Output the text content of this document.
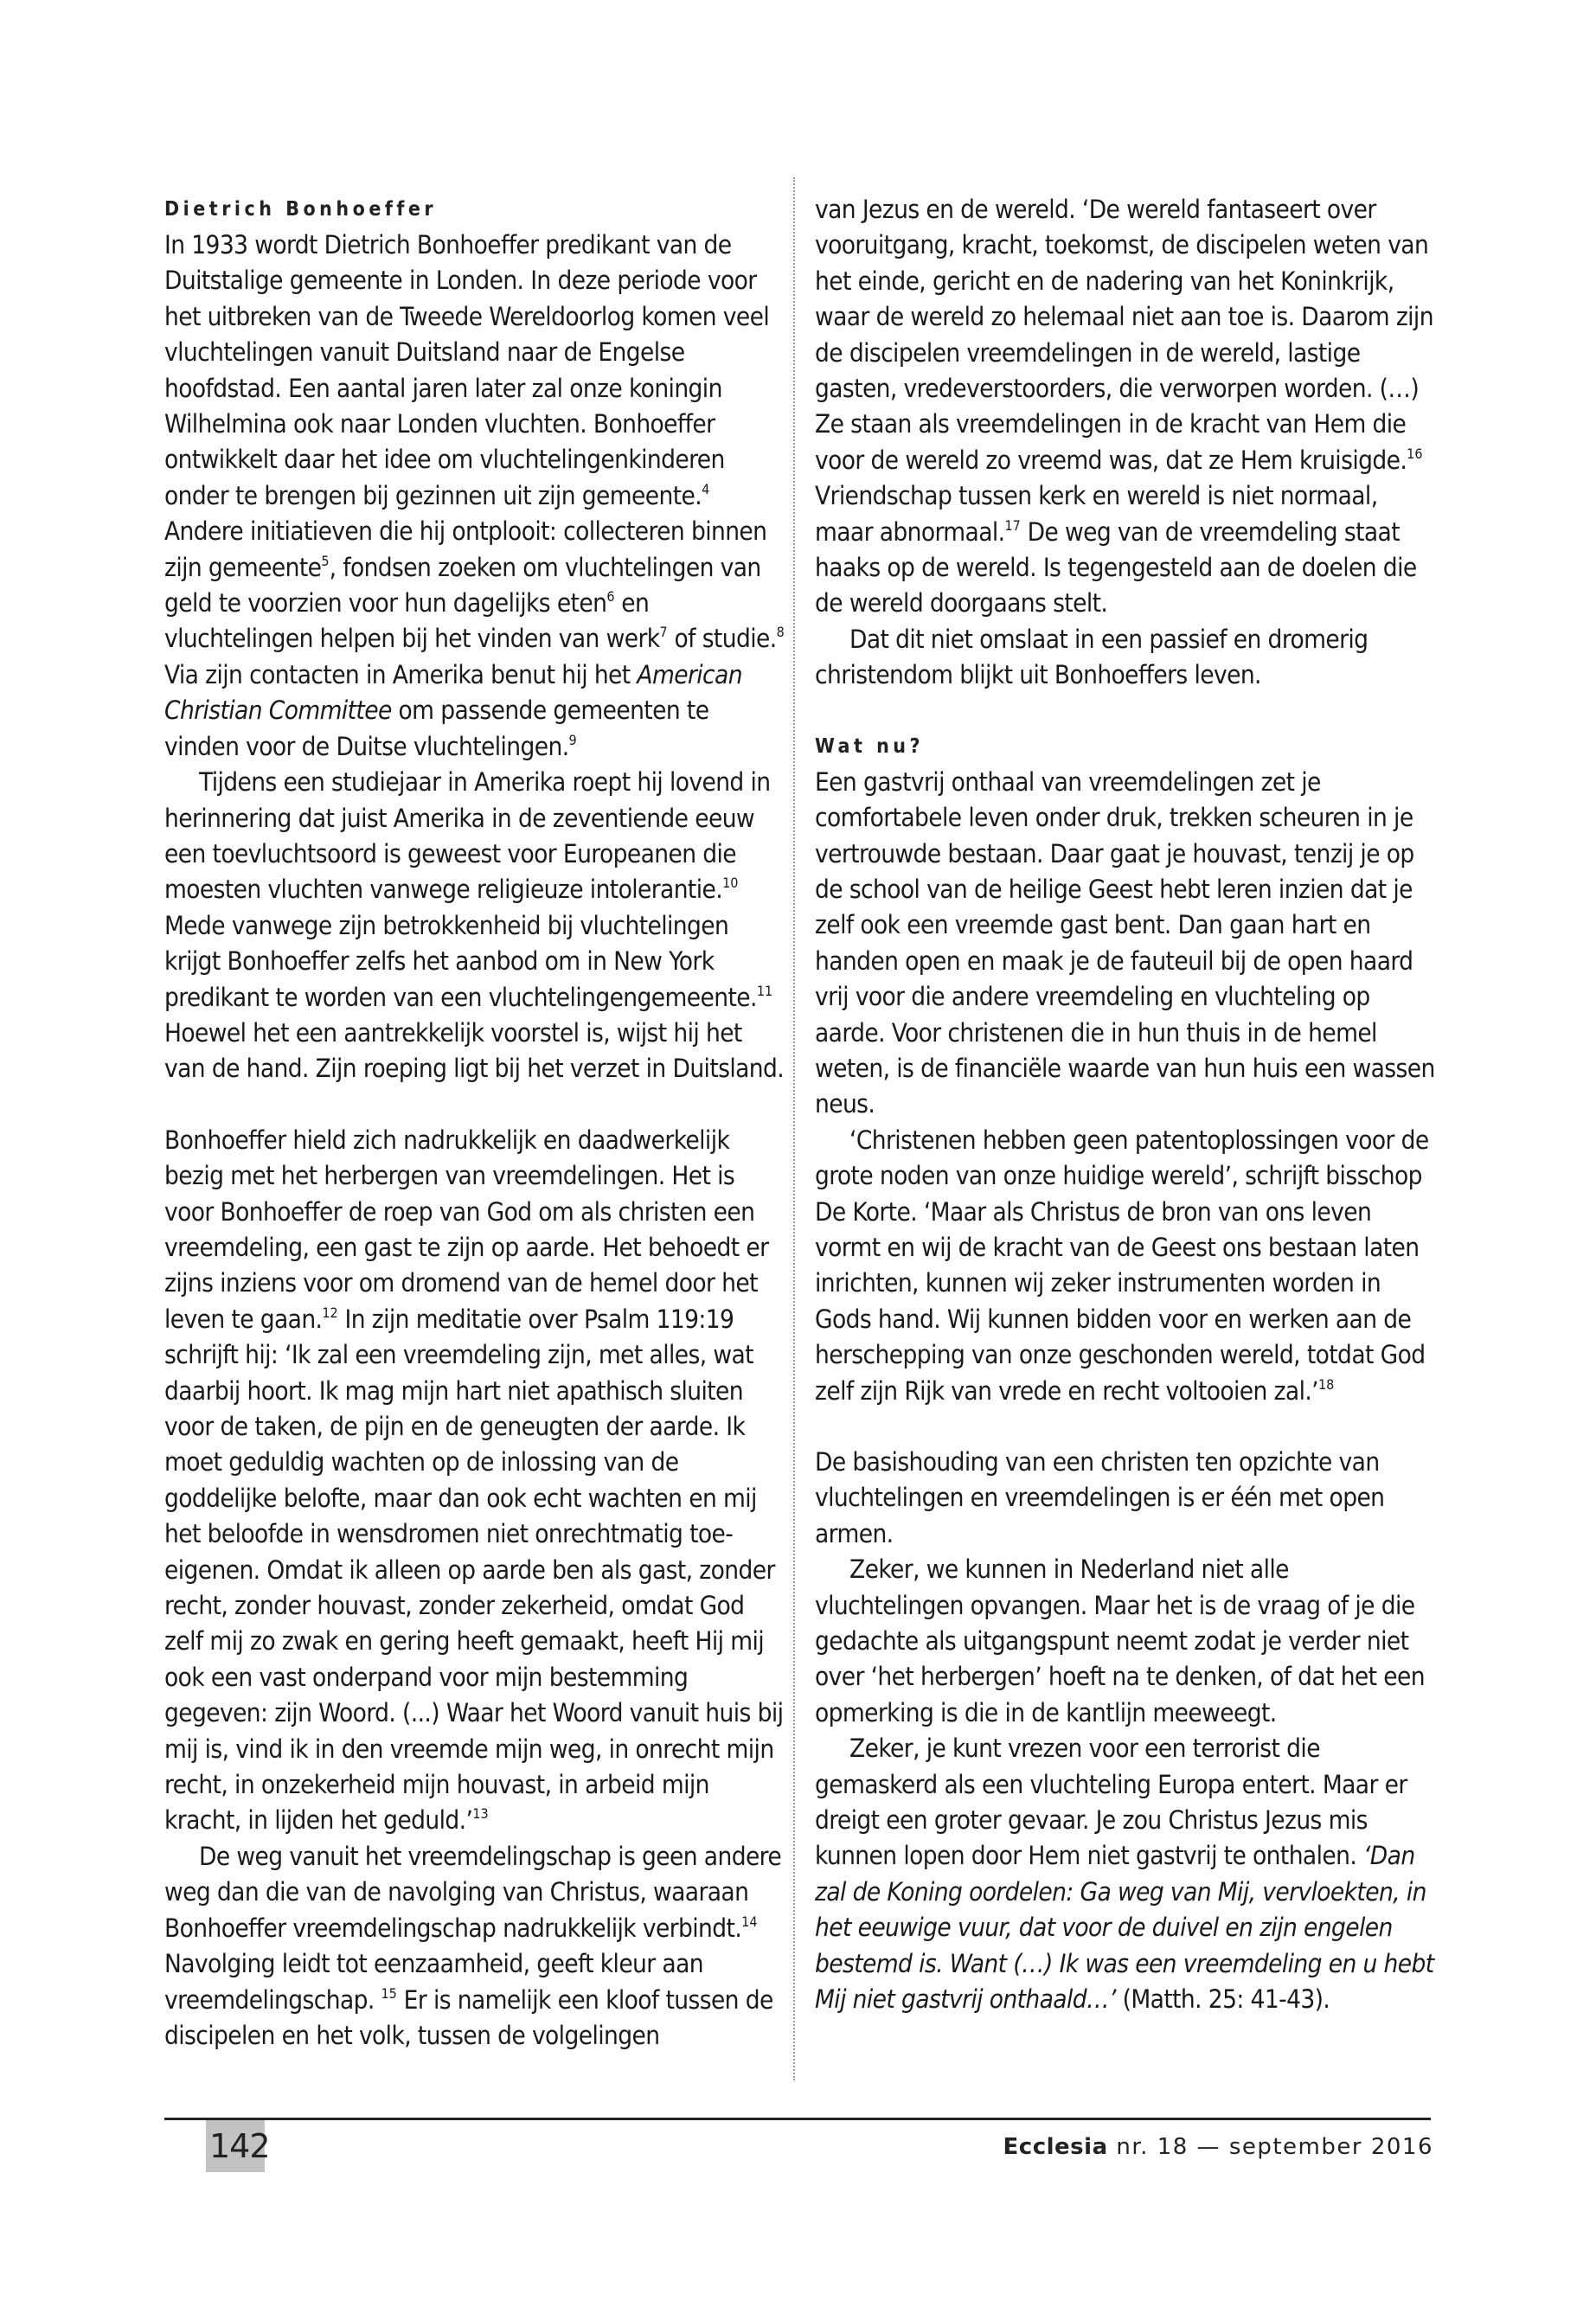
Dietrich Bonhoeffer

In 1933 wordt Dietrich Bonhoeffer predikant van de Duitstalige gemeente in Londen. In deze periode voor het uitbreken van de Tweede Wereldoorlog komen veel vluchtelingen vanuit Duitsland naar de Engelse hoofdstad. Een aantal jaren later zal onze koningin Wilhelmina ook naar Londen vluchten. Bonhoeffer ontwikkelt daar het idee om vluchtelingenkinderen onder te brengen bij gezinnen uit zijn gemeente.$^4$ Andere initiatieven die hij ontplooit: collecteren binnen zijn gemeente$^5$, fondsen zoeken om vluchtelingen van geld te voorzien voor hun dagelijks eten$^6$ en vluchtelingen helpen bij het vinden van werk$^7$ of studie.$^8$ Via zijn contacten in Amerika benut hij het American Christian Committee om passende gemeenten te vinden voor de Duitse vluchtelingen.$^9$

Tijdens een studiejaar in Amerika roept hij lovend in herinnering dat juist Amerika in de zeventiende eeuw een toevluchtsoord is geweest voor Europeanen die moesten vluchten vanwege religieuze intolerantie.$^{10}$ Mede vanwege zijn betrokkenheid bij vluchtelingen krijgt Bonhoeffer zelfs het aanbod om in New York predikant te worden van een vluchtelingengemeente.$^{11}$ Hoewel het een aantrekkelijk voorstel is, wijst hij het van de hand. Zijn roeping ligt bij het verzet in Duitsland.

Bonhoeffer hield zich nadrukkelijk en daadwerkelijk bezig met het herbergen van vreemdelingen. Het is voor Bonhoeffer de roep van God om als christen een vreemdeling, een gast te zijn op aarde. Het behoedt er zijns inziens voor om dromend van de hemel door het leven te gaan.$^{12}$ In zijn meditatie over Psalm 119:19 schrijft hij: ‘Ik zal een vreemdeling zijn, met alles, wat daarbij hoort. Ik mag mijn hart niet apathisch sluiten voor de taken, de pijn en de geneugten der aarde. Ik moet geduldig wachten op de inlossing van de goddelijke belofte, maar dan ook echt wachten en mij het beloofde in wensdromen niet onrechtmatig toe-eigenen. Omdat ik alleen op aarde ben als gast, zonder recht, zonder houvast, zonder zekerheid, omdat God zelf mij zo zwak en gering heeft gemaakt, heeft Hij mij ook een vast onderpand voor mijn bestemming gegeven: zijn Woord. (...) Waar het Woord vanuit huis bij mij is, vind ik in den vreemde mijn weg, in onrecht mijn recht, in onzekerheid mijn houvast, in arbeid mijn kracht, in lijden het geduld.’$^{13}$

De weg vanuit het vreemdelingschap is geen andere weg dan die van de navolging van Christus, waaraan Bonhoeffer vreemdelingschap nadrukkelijk verbindt.$^{14}$ Navolging leidt tot eenzaamheid, geeft kleur aan vreemdelingschap. $^{15}$ Er is namelijk een kloof tussen de discipelen en het volk, tussen de volgelingen

van Jezus en de wereld. ‘De wereld fantaseert over vooruitgang, kracht, toekomst, de discipelen weten van het einde, gericht en de nadering van het Koninkrijk, waar de wereld zo helemaal niet aan toe is. Daarom zijn de discipelen vreemdelingen in de wereld, lastige gasten, vredeverstoorders, die verworpen worden. (…) Ze staan als vreemdelingen in de kracht van Hem die voor de wereld zo vreemd was, dat ze Hem kruisigde.$^{16}$ Vriendschap tussen kerk en wereld is niet normaal, maar abnormaal.$^{17}$ De weg van de vreemdeling staat haaks op de wereld. Is tegengesteld aan de doelen die de wereld doorgaans stelt.

Dat dit niet omslaat in een passief en dromerig christendom blijkt uit Bonhoeffers leven.

Wat nu?

Een gastvrij onthaal van vreemdelingen zet je comfortabele leven onder druk, trekken scheuren in je vertrouwde bestaan. Daar gaat je houvast, tenzij je op de school van de heilige Geest hebt leren inzien dat je zelf ook een vreemde gast bent. Dan gaan hart en handen open en maak je de fauteuil bij de open haard vrij voor die andere vreemdeling en vluchteling op aarde. Voor christenen die in hun thuis in de hemel weten, is de financiële waarde van hun huis een wassen neus.

‘Christenen hebben geen patentoplossingen voor de grote noden van onze huidige wereld’, schrijft bisschop De Korte. ‘Maar als Christus de bron van ons leven vormt en wij de kracht van de Geest ons bestaan laten inrichten, kunnen wij zeker instrumenten worden in Gods hand. Wij kunnen bidden voor en werken aan de herschepping van onze geschonden wereld, totdat God zelf zijn Rijk van vrede en recht voltooien zal.’$^{18}$

De basishouding van een christen ten opzichte van vluchtelingen en vreemdelingen is er één met open armen.

Zeker, we kunnen in Nederland niet alle vluchtelingen opvangen. Maar het is de vraag of je die gedachte als uitgangspunt neemt zodat je verder niet over ‘het herbergen’ hoeft na te denken, of dat het een opmerking is die in de kantlijn meeweegt.

Zeker, je kunt vrezen voor een terrorist die gemaskerd als een vluchteling Europa entert. Maar er dreigt een groter gevaar. Je zou Christus Jezus mis kunnen lopen door Hem niet gastvrij te onthalen. ‘Dan zal de Koning oordelen: Ga weg van Mij, vervloekten, in het eeuwige vuur, dat voor de duivel en zijn engelen bestemd is. Want (…) Ik was een vreemdeling en u hebt Mij niet gastvrij onthaald…’ (Matth. 25: 41-43).

142	Ecclesia nr. 18 — september 2016
